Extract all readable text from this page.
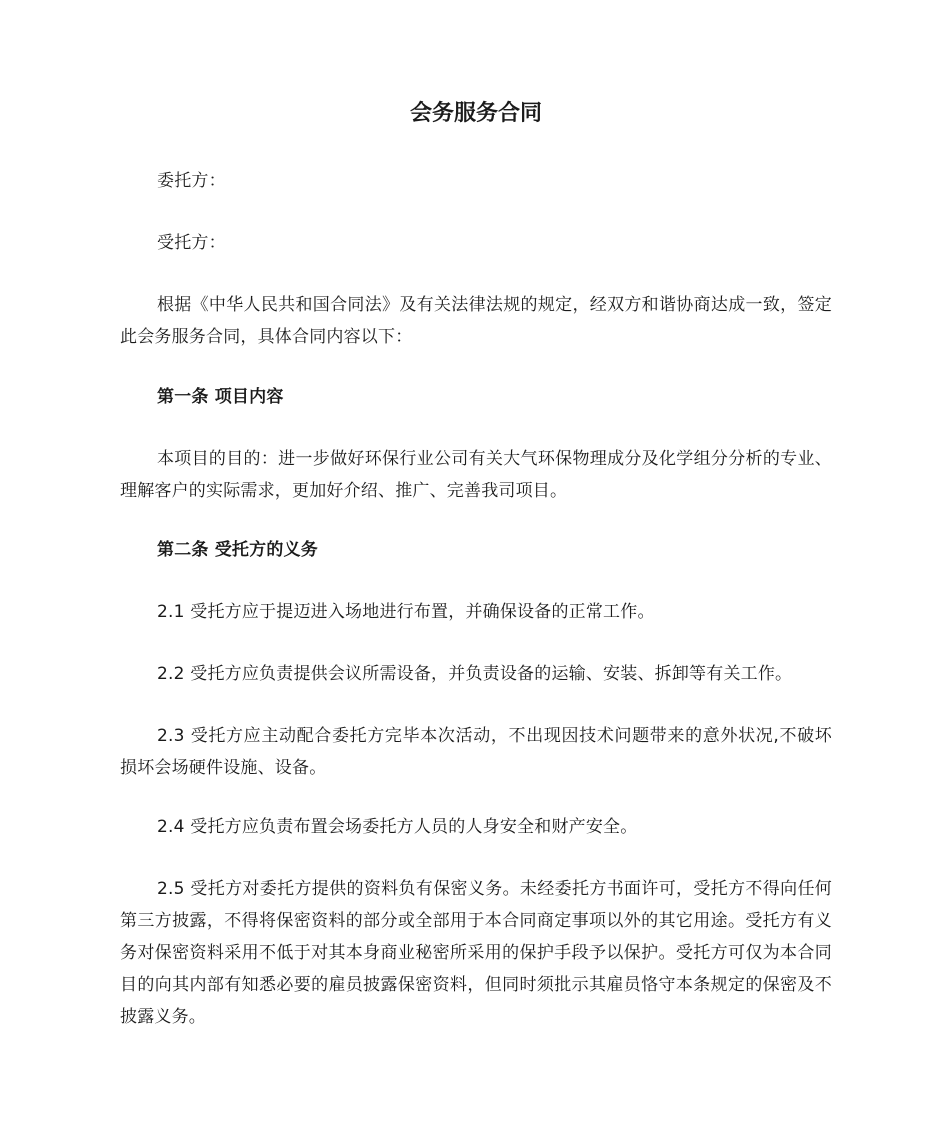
会务服务合同

委托方：

受托方：

根据《中华人民共和国合同法》及有关法律法规的规定，经双方和谐协商达成一致，签定此会务服务合同，具体合同内容以下：

第一条 项目内容

本项目的目的：进一步做好环保行业公司有关大气环保物理成分及化学组分分析的专业、理解客户的实际需求，更加好介绍、推广、完善我司项目。

第二条 受托方的义务

2.1 受托方应于提迈进入场地进行布置，并确保设备的正常工作。

2.2 受托方应负责提供会议所需设备，并负责设备的运输、安装、拆卸等有关工作。

2.3 受托方应主动配合委托方完毕本次活动，不出现因技术问题带来的意外状况,不破坏损坏会场硬件设施、设备。

2.4 受托方应负责布置会场委托方人员的人身安全和财产安全。

2.5 受托方对委托方提供的资料负有保密义务。未经委托方书面许可，受托方不得向任何第三方披露，不得将保密资料的部分或全部用于本合同商定事项以外的其它用途。受托方有义务对保密资料采用不低于对其本身商业秘密所采用的保护手段予以保护。受托方可仅为本合同目的向其内部有知悉必要的雇员披露保密资料，但同时须批示其雇员恪守本条规定的保密及不披露义务。
